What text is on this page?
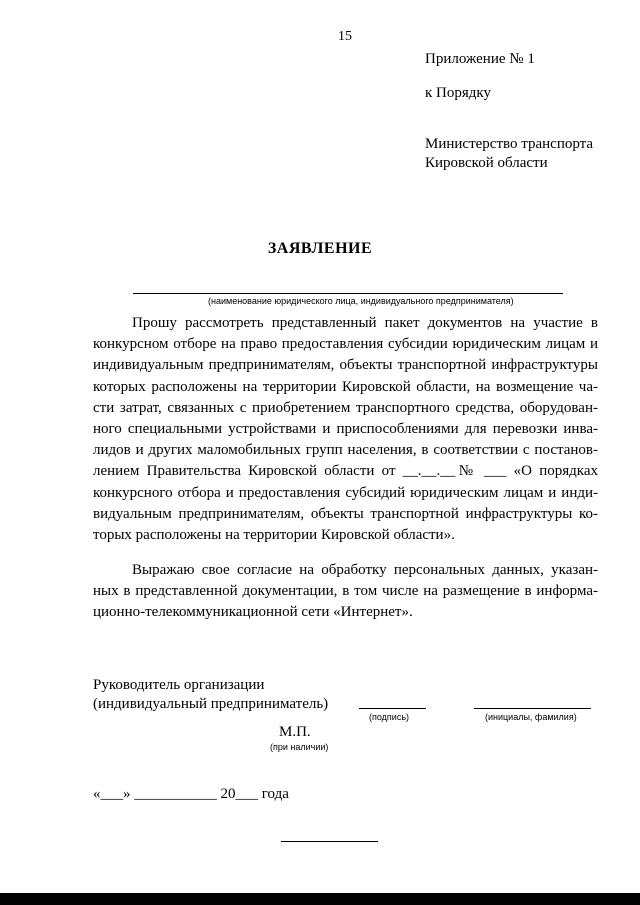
15
Приложение № 1
к Порядку
Министерство транспорта
Кировской области
ЗАЯВЛЕНИЕ
(наименование юридического лица, индивидуального предпринимателя)
Прошу рассмотреть представленный пакет документов на участие в
конкурсном отборе на право предоставления субсидии юридическим лицам и
индивидуальным предпринимателям, объекты транспортной инфраструктуры
которых расположены на территории Кировской области, на возмещение ча-
сти затрат, связанных с приобретением транспортного средства, оборудован-
ного специальными устройствами и приспособлениями для перевозки инва-
лидов и других маломобильных групп населения, в соответствии с постанов-
лением Правительства Кировской области от __.__.__№ ___ «О порядках
конкурсного отбора и предоставления субсидий юридическим лицам и инди-
видуальным предпринимателям, объекты транспортной инфраструктуры ко-
торых расположены на территории Кировской области».
Выражаю свое согласие на обработку персональных данных, указан-
ных в представленной документации, в том числе на размещение в информа-
ционно-телекоммуникационной сети «Интернет».
Руководитель организации
(индивидуальный предприниматель)
(подпись)	(инициалы, фамилия)
М.П.
(при наличии)
«___» ___________ 20___ года
